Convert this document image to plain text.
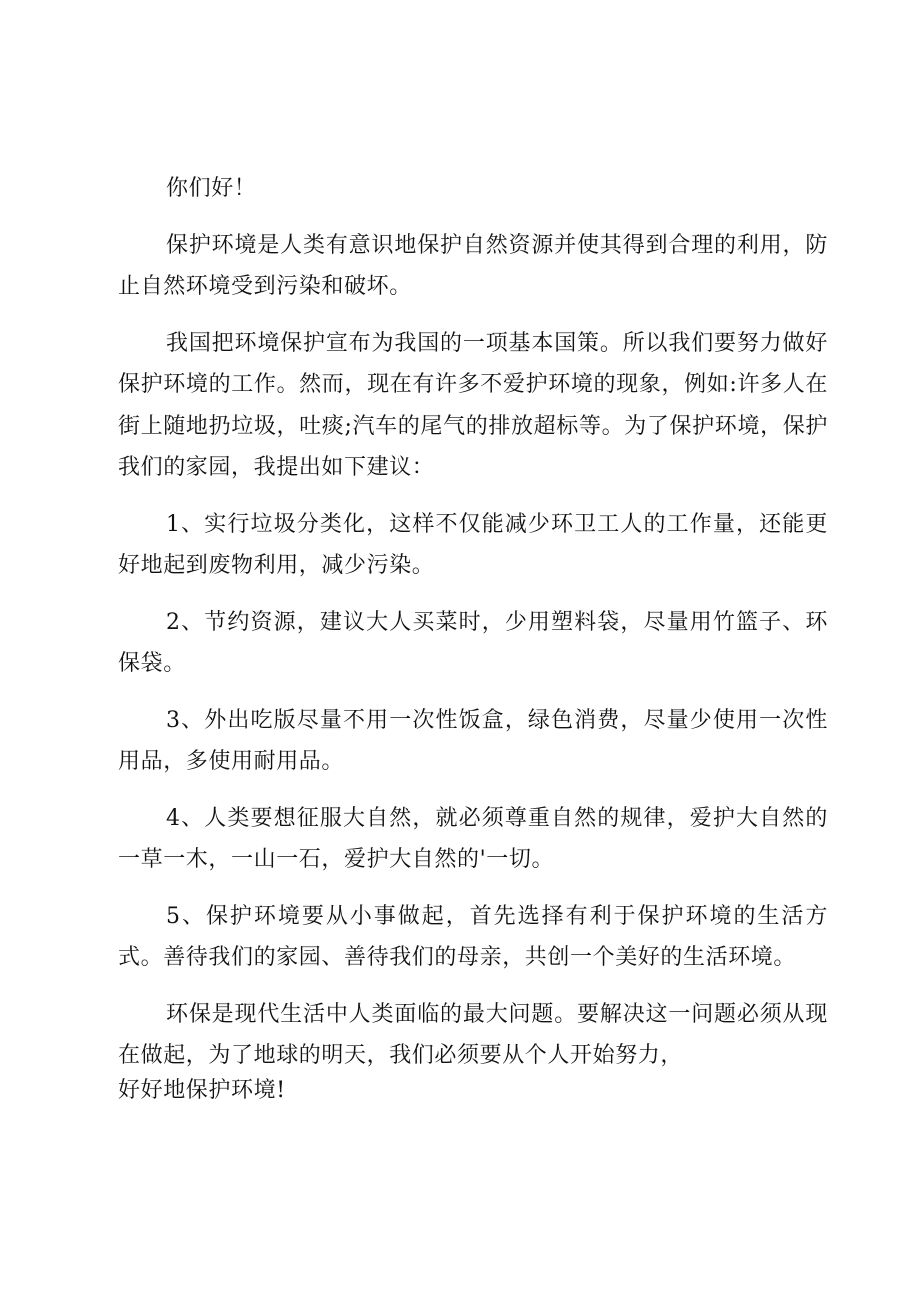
你们好！

保护环境是人类有意识地保护自然资源并使其得到合理的利用，防止自然环境受到污染和破坏。

我国把环境保护宣布为我国的一项基本国策。所以我们要努力做好保护环境的工作。然而，现在有许多不爱护环境的现象，例如:许多人在街上随地扔垃圾，吐痰;汽车的尾气的排放超标等。为了保护环境，保护我们的家园，我提出如下建议：

1、实行垃圾分类化，这样不仅能减少环卫工人的工作量，还能更好地起到废物利用，减少污染。

2、节约资源，建议大人买菜时，少用塑料袋，尽量用竹篮子、环保袋。

3、外出吃版尽量不用一次性饭盒，绿色消费，尽量少使用一次性用品，多使用耐用品。

4、人类要想征服大自然，就必须尊重自然的规律，爱护大自然的一草一木，一山一石，爱护大自然的'一切。

5、保护环境要从小事做起，首先选择有利于保护环境的生活方式。善待我们的家园、善待我们的母亲，共创一个美好的生活环境。

环保是现代生活中人类面临的最大问题。要解决这一问题必须从现在做起，为了地球的明天，我们必须要从个人开始努力，

好好地保护环境!
